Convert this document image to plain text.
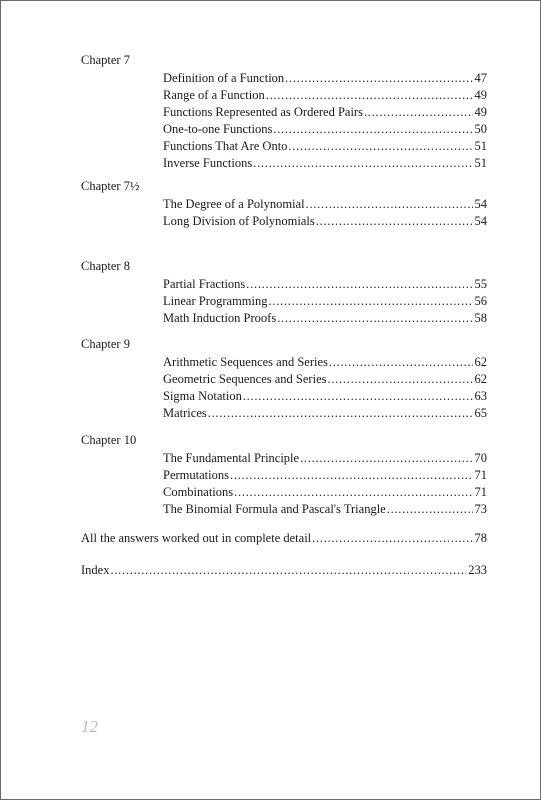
Chapter 7
Definition of a Function . . .	47
Range of a Function . . .	49
Functions Represented as Ordered Pairs . . .	49
One-to-one Functions . . .	50
Functions That Are Onto . . .	51
Inverse Functions . . .	51
Chapter 7½
The Degree of a Polynomial . . .	54
Long Division of Polynomials . . .	54
Chapter 8
Partial Fractions . . .	55
Linear Programming . . .	56
Math Induction Proofs . . .	58
Chapter 9
Arithmetic Sequences and Series . . .	62
Geometric Sequences and Series . . .	62
Sigma Notation . . .	63
Matrices . . .	65
Chapter 10
The Fundamental Principle . . .	70
Permutations . . .	71
Combinations . . .	71
The Binomial Formula and Pascal's Triangle . . .	73
All the answers worked out in complete detail . . .	78
Index . . .	233
12
